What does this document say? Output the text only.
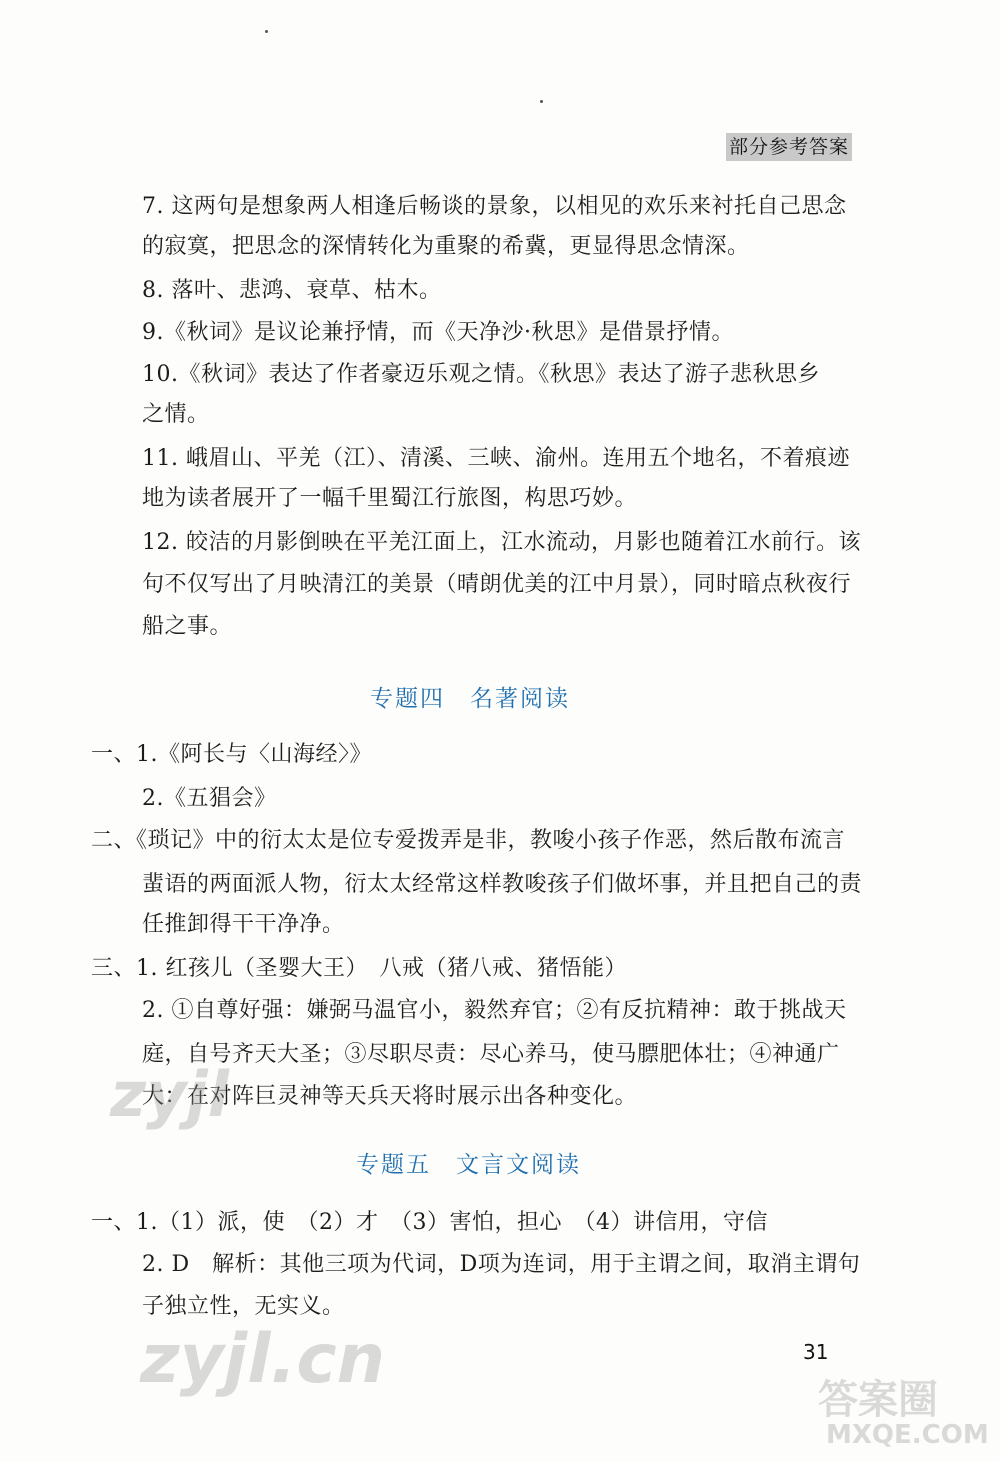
部分参考答案
7. 这两句是想象两人相逢后畅谈的景象，以相见的欢乐来衬托自己思念
的寂寞，把思念的深情转化为重聚的希冀，更显得思念情深。
8. 落叶、悲鸿、衰草、枯木。
9.《秋词》是议论兼抒情，而《天净沙·秋思》是借景抒情。
10.《秋词》表达了作者豪迈乐观之情。《秋思》表达了游子悲秋思乡
之情。
11. 峨眉山、平羌（江）、清溪、三峡、渝州。连用五个地名，不着痕迹
地为读者展开了一幅千里蜀江行旅图，构思巧妙。
12. 皎洁的月影倒映在平羌江面上，江水流动，月影也随着江水前行。该
句不仅写出了月映清江的美景（晴朗优美的江中月景），同时暗点秋夜行
船之事。
专题四　名著阅读
一、1.《阿长与〈山海经〉》
2.《五猖会》
二、《琐记》中的衍太太是位专爱拨弄是非，教唆小孩子作恶，然后散布流言
蜚语的两面派人物，衍太太经常这样教唆孩子们做坏事，并且把自己的责
任推卸得干干净净。
三、1. 红孩儿（圣婴大王）　八戒（猪八戒、猪悟能）
2. ①自尊好强：嫌弼马温官小，毅然弃官；②有反抗精神：敢于挑战天
庭，自号齐天大圣；③尽职尽责：尽心养马，使马膘肥体壮；④神通广
大：在对阵巨灵神等天兵天将时展示出各种变化。
专题五　文言文阅读
一、1.（1）派，使　（2）才　（3）害怕，担心　（4）讲信用，守信
2. D　解析：其他三项为代词，D项为连词，用于主谓之间，取消主谓句
子独立性，无实义。
31
zyjl
zyjl.cn
答案圈
MXQE.COM
